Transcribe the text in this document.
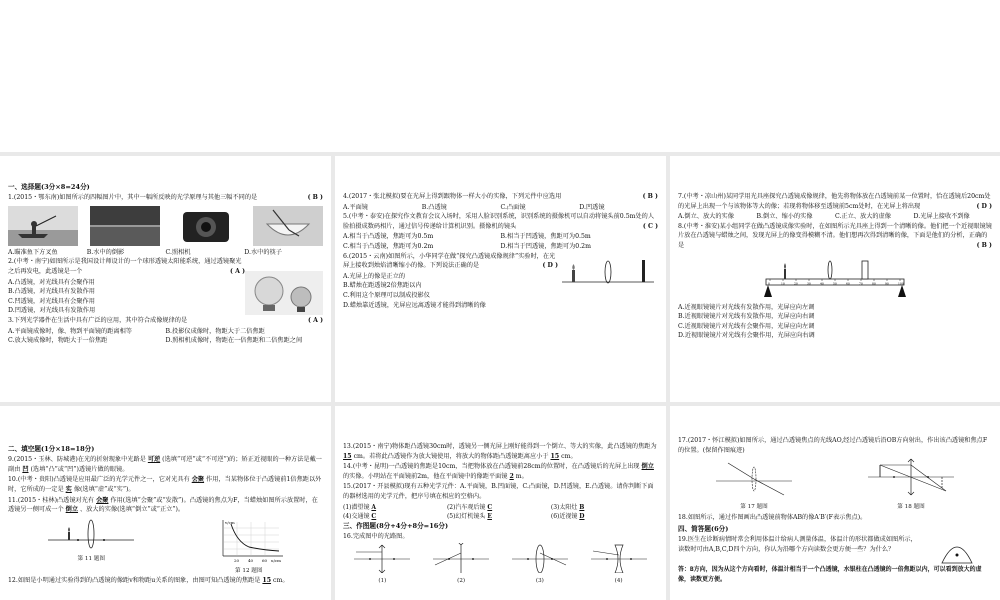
一、选择题(3分×8=24分)
( B )
1.(2015・鄂东南)如图所示的四幅图片中，其中一幅所反映的光学原理与其他三幅不同的是
A.瞄准鱼下方叉鱼	B.水中的倒影	C.照相机	D.水中的筷子
2.(中考・南宁)如图所示是我国设计师设计的一个球形透镜太阳能系统，通过透镜聚光之后再发电，此透镜是一个	( A )
A.凸透镜，对光线具有会聚作用
B.凸透镜，对光线具有发散作用
C.凹透镜，对光线具有会聚作用
D.凹透镜，对光线具有发散作用
( A )
3.下列光学器件在生活中具有广泛的应用，其中符合成像规律的是
A.平面镜成像时，像、物到平面镜的距离相等	B.投影仪成像时，物距大于二倍焦距
C.放大镜成像时，物距大于一倍焦距	D.照相机成像时，物距在一倍焦距和二倍焦距之间
( B )
4.(2017・张北模拟)要在光屏上得到跟物体一样大小的实像，下列元件中应选用
A.平面镜	B.凸透镜	C.凸面镜	D.凹透镜
5.(中考・泰安)在探究作文教育会议入场时，采用人脸识别系统，识别系统的摄像机可以自动将镜头前0.5m处的人脸拍摄成数码相片，通过信号传递给计算机识别。摄像机的镜头	( C )
A.相当于凸透镜，焦距可为0.5m	B.相当于凹透镜，焦距可为0.5m
C.相当于凸透镜，焦距可为0.2m	D.相当于凹透镜，焦距可为0.2m
6.(2015・云南)如图所示，小华同学在做“探究凸透镜成像规律”实验时，在光屏上接收到烛焰清晰缩小的像。下列说法正确的是	( D )
A.光屏上的像是正立的
B.蜡烛在距透镜2倍焦距以内
C.利用这个原理可以制成投影仪
D.蜡烛靠近透镜，光屏应远离透镜才能得到清晰的像
7.(中考・凉山州)某同学用光具座探究凸透镜成像规律，他先将物体放在凸透镜前某一位置时，恰在透镜后20cm处的光屏上出现一个与该物体等大的像；若现将物体移至透镜前5cm处时，在光屏上将出现	( D )
A.倒立、放大的实像	B.倒立、缩小的实像	C.正立、放大的虚像	D.光屏上接收不到像
8.(中考・淮安)某小组同学在做凸透镜成像实验时，在如图所示光具座上得到一个清晰的像。他们把一个近视眼镜镜片放在凸透镜与蜡烛之间，发现光屏上的像变得模糊不清。他们想再次得到清晰的像，下面是他们的分析，正确的是	( B )
0	10	20	30	40	50	60	70	80	90	100
A.近视眼镜镜片对光线有发散作用，光屏应向左调
B.近视眼镜镜片对光线有发散作用，光屏应向右调
C.近视眼镜镜片对光线有会聚作用，光屏应向左调
D.近视眼镜镜片对光线有会聚作用，光屏应向右调
二、填空题(1分×18=18分)
9.(2015・玉林、防城港)在光的折射现象中光路是 可逆 (选填“可逆”或“不可逆”)的；矫正近视眼的一种方法是戴一副由 凹 (选填“凸”或“凹”)透镜片做的眼镜。
10.(中考・贵阳)凸透镜是应用最广泛的光学元件之一，它对光具有 会聚 作用，当某物体位于凸透镜前1倍焦距以外时，它所成的一定是 实 像(选填“虚”或“实”)。
11.(2015・桂林)凸透镜对光有 会聚 作用(选填“会聚”或“发散”)。凸透镜的焦点为F，当蜡烛如图所示放置时，在透镜另一侧可成一个 倒立 、放大的实像(选填“倒立”或“正立”)。
第 11 题图
v/cm
u/cm
20 40 60
第 12 题图
12.如图是小明通过实验得到的凸透镜的像距v和物距u关系的图象，由图可知凸透镜的焦距是 15 cm。
13.(2015・南宁)物体距凸透镜30cm时，透镜另一侧光屏上刚好能得到一个倒立、等大的实像，此凸透镜的焦距为 15 cm。若将此凸透镜作为放大镜使用，将放大的物体距凸透镜距离应小于 15 cm。
14.(中考・昆明)一凸透镜的焦距是10cm，当把物体放在凸透镜前28cm的位置时，在凸透镜后的光屏上出现 倒立 的实像。小明站在平面镜前2m，他在平面镜中的像距平面镜 2 m。
15.(2017・开县模拟)现有五种光学元件：A.平面镜，B.凹面镜，C.凸面镜，D.凹透镜，E.凸透镜。请你判断下面的器材选用的光学元件，把序号填在相应的空格内。
(1)潜望镜 A	(2)汽车观后镜 C	(3)太阳灶 B
(4)交通镜 C	(5)幻灯机镜头 E	(6)近视镜 D
三、作图题(8分+4分+8分=16分)
16.完成图中的光路图。
(1)	(2)	(3)	(4)
17.(2017・怀江模拟)如图所示，通过凸透镜焦点的光线AO,经过凸透镜后沿OB方向射出，作出该凸透镜和焦点F的位置。(保留作图痕迹)
第 17 题图	第 18 题图
18.如图所示，通过作图画出凸透镜前物体AB的像A′B′(F表示焦点)。
四、简答题(6分)
19.医生在诊断病情时常会利用体温计给病人测量体温，体温计的形状都做成如图所示，读数时可由A,B,C,D四个方向，你认为沿哪个方向读数会更方便一些？为什么？
答：B方向，因为从这个方向看时，体温计相当于一个凸透镜，水银柱在凸透镜的一倍焦距以内，可以看到放大的虚像，读数更方便。
